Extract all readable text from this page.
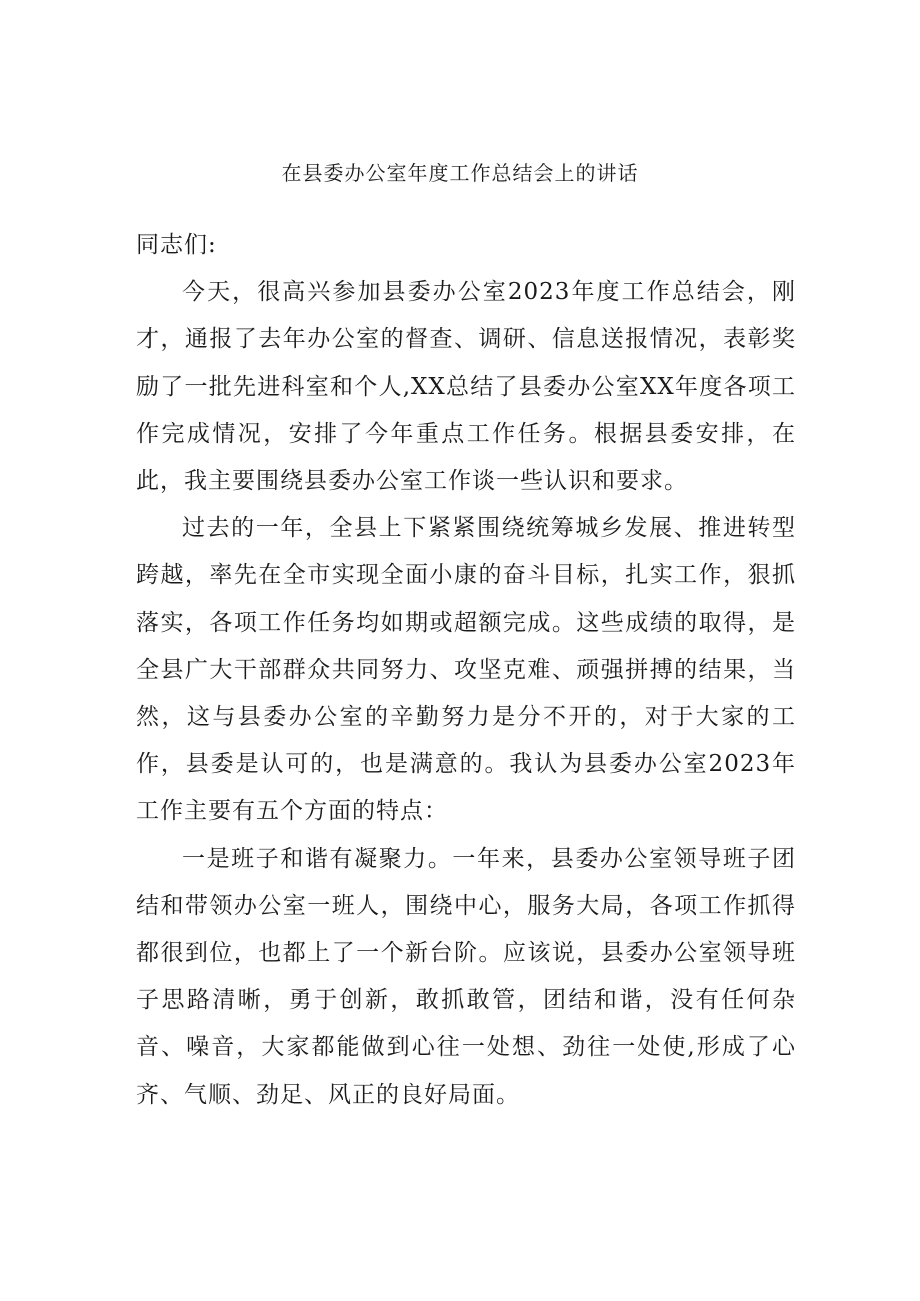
在县委办公室年度工作总结会上的讲话

同志们:

今天，很高兴参加县委办公室2023年度工作总结会，刚才，通报了去年办公室的督查、调研、信息送报情况，表彰奖励了一批先进科室和个人,XX总结了县委办公室XX年度各项工作完成情况，安排了今年重点工作任务。根据县委安排，在此，我主要围绕县委办公室工作谈一些认识和要求。

过去的一年，全县上下紧紧围绕统筹城乡发展、推进转型跨越，率先在全市实现全面小康的奋斗目标，扎实工作，狠抓落实，各项工作任务均如期或超额完成。这些成绩的取得，是全县广大干部群众共同努力、攻坚克难、顽强拼搏的结果，当然，这与县委办公室的辛勤努力是分不开的，对于大家的工作，县委是认可的，也是满意的。我认为县委办公室2023年工作主要有五个方面的特点：

一是班子和谐有凝聚力。一年来，县委办公室领导班子团结和带领办公室一班人，围绕中心，服务大局，各项工作抓得都很到位，也都上了一个新台阶。应该说，县委办公室领导班子思路清晰，勇于创新，敢抓敢管，团结和谐，没有任何杂音、噪音，大家都能做到心往一处想、劲往一处使,形成了心齐、气顺、劲足、风正的良好局面。
